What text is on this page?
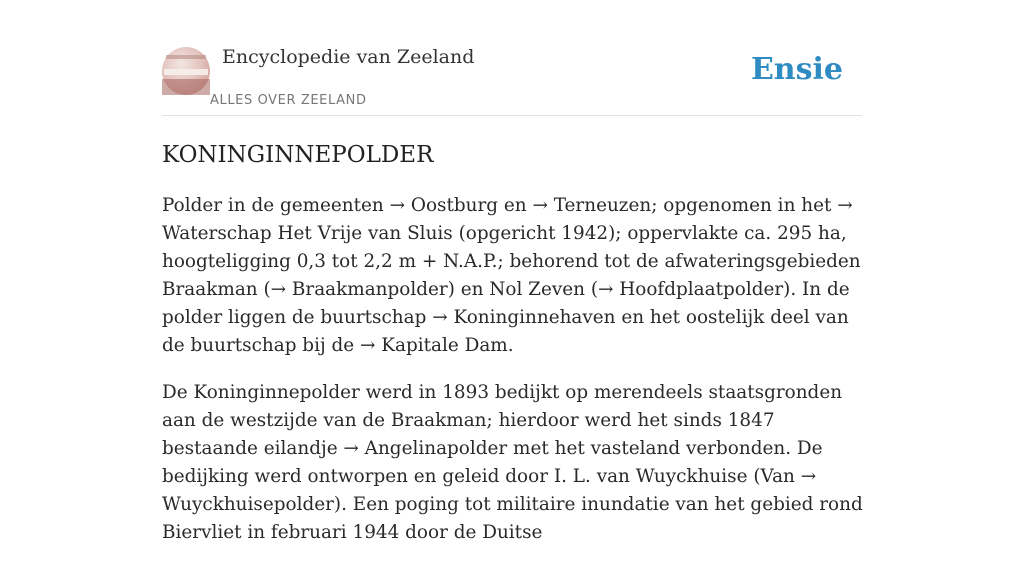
Encyclopedie van Zeeland
ALLES OVER ZEELAND
Ensie
KONINGINNEPOLDER

Polder in de gemeenten → Oostburg en → Terneuzen; opgenomen in het → Waterschap Het Vrije van Sluis (opgericht 1942); oppervlakte ca. 295 ha, hoogteligging 0,3 tot 2,2 m + N.A.P.; behorend tot de afwateringsgebieden Braakman (→ Braakmanpolder) en Nol Zeven (→ Hoofdplaatpolder). In de polder liggen de buurtschap → Koninginnehaven en het oostelijk deel van de buurtschap bij de → Kapitale Dam.

De Koninginnepolder werd in 1893 bedijkt op merendeels staatsgronden aan de westzijde van de Braakman; hierdoor werd het sinds 1847 bestaande eilandje → Angelinapolder met het vasteland verbonden. De bedijking werd ontworpen en geleid door I. L. van Wuyckhuise (Van → Wuyckhuisepolder). Een poging tot militaire inundatie van het gebied rond Biervliet in februari 1944 door de Duitse
